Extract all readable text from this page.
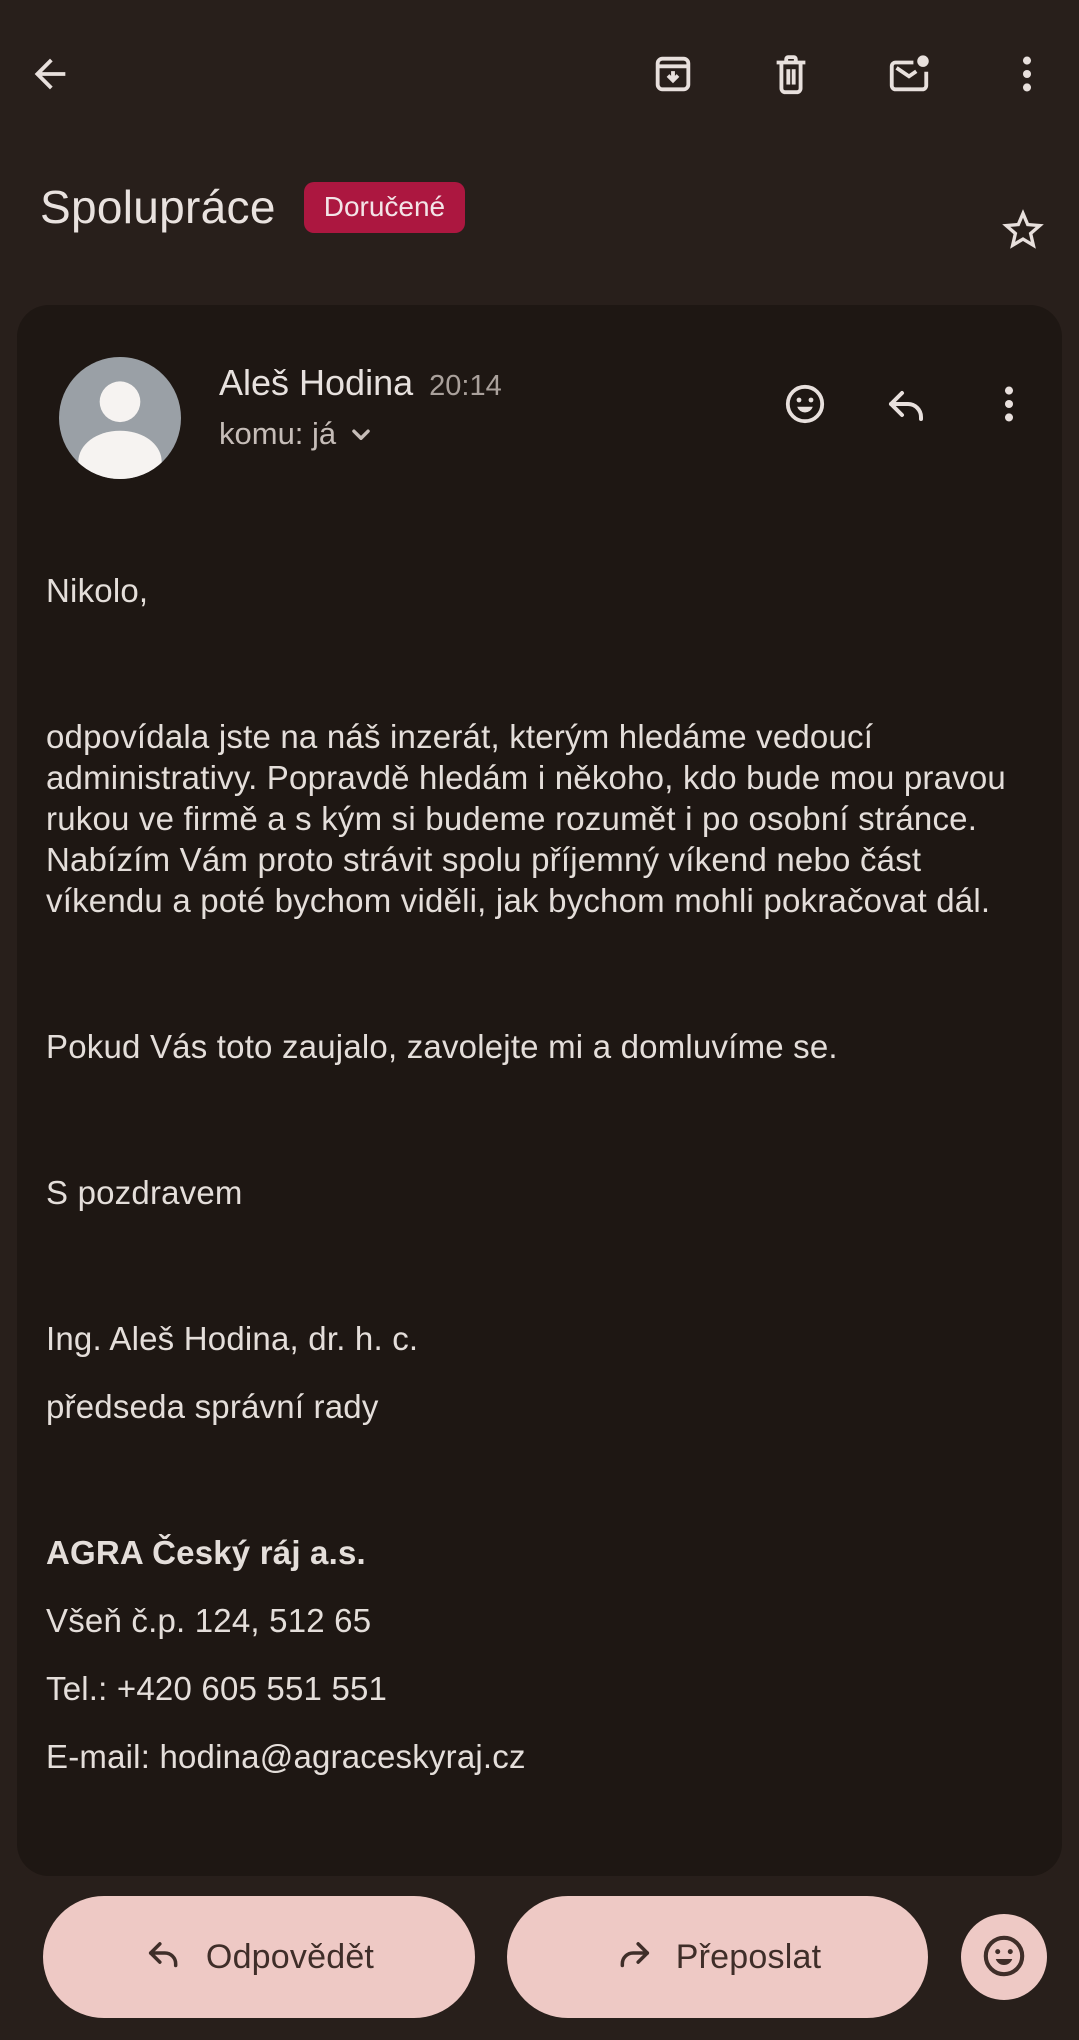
Spolupráce	Doručené
Aleš Hodina 20:14
komu: já

Nikolo,

odpovídala jste na náš inzerát, kterým hledáme vedoucí administrativy. Popravdě hledám i někoho, kdo bude mou pravou rukou ve firmě a s kým si budeme rozumět i po osobní stránce. Nabízím Vám proto strávit spolu příjemný víkend nebo část víkendu a poté bychom viděli, jak bychom mohli pokračovat dál.

Pokud Vás toto zaujalo, zavolejte mi a domluvíme se.

S pozdravem

Ing. Aleš Hodina, dr. h. c.

předseda správní rady

AGRA Český ráj a.s.

Všeň č.p. 124, 512 65

Tel.: +420 605 551 551

E-mail: hodina@agraceskyraj.cz

Odpovědět	Přeposlat
